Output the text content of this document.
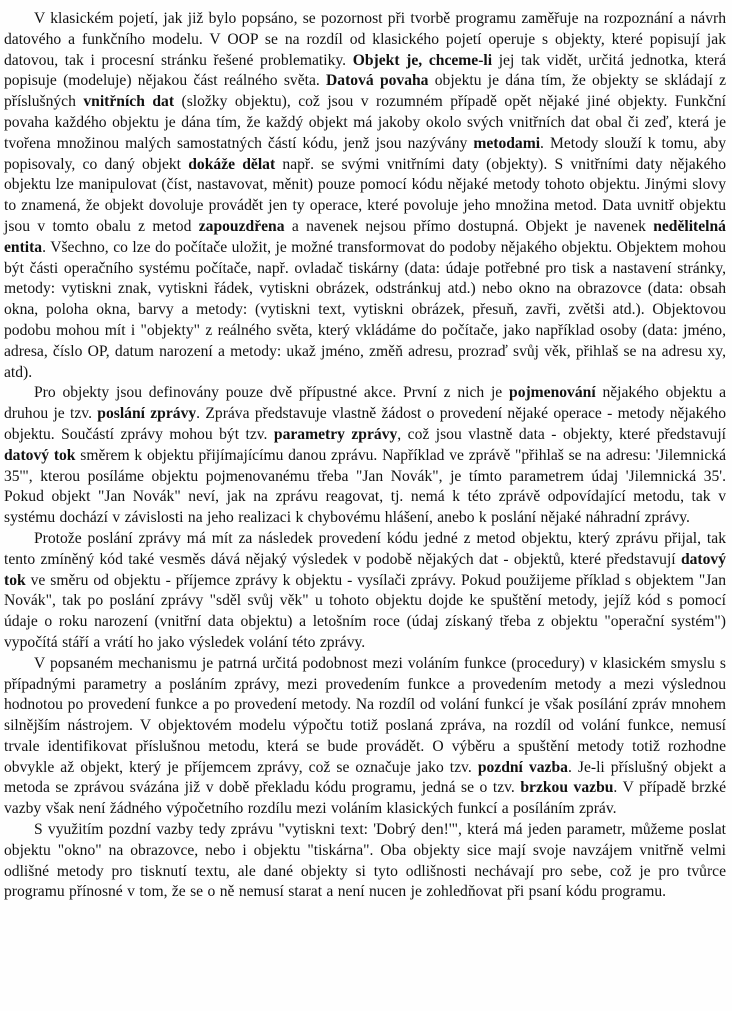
V klasickém pojetí, jak již bylo popsáno, se pozornost při tvorbě programu zaměřuje na rozpoznání a návrh datového a funkčního modelu. V OOP se na rozdíl od klasického pojetí operuje s objekty, které popisují jak datovou, tak i procesní stránku řešené problematiky. Objekt je, chceme-li jej tak vidět, určitá jednotka, která popisuje (modeluje) nějakou část reálného světa. Datová povaha objektu je dána tím, že objekty se skládají z příslušných vnitřních dat (složky objektu), což jsou v rozumném případě opět nějaké jiné objekty. Funkční povaha každého objektu je dána tím, že každý objekt má jakoby okolo svých vnitřních dat obal či zeď, která je tvořena množinou malých samostatných částí kódu, jenž jsou nazývány metodami. Metody slouží k tomu, aby popisovaly, co daný objekt dokáže dělat např. se svými vnitřními daty (objekty). S vnitřními daty nějakého objektu lze manipulovat (číst, nastavovat, měnit) pouze pomocí kódu nějaké metody tohoto objektu. Jinými slovy to znamená, že objekt dovoluje provádět jen ty operace, které povoluje jeho množina metod. Data uvnitř objektu jsou v tomto obalu z metod zapouzdřena a navenek nejsou přímo dostupná. Objekt je navenek nedělitelná entita. Všechno, co lze do počítače uložit, je možné transformovat do podoby nějakého objektu. Objektem mohou být části operačního systému počítače, např. ovladač tiskárny (data: údaje potřebné pro tisk a nastavení stránky, metody: vytiskni znak, vytiskni řádek, vytiskni obrázek, odstránkuj atd.) nebo okno na obrazovce (data: obsah okna, poloha okna, barvy a metody: (vytiskni text, vytiskni obrázek, přesuň, zavři, zvětši atd.). Objektovou podobu mohou mít i "objekty" z reálného světa, který vkládáme do počítače, jako například osoby (data: jméno, adresa, číslo OP, datum narození a metody: ukaž jméno, změň adresu, prozraď svůj věk, přihlaš se na adresu xy, atd).

Pro objekty jsou definovány pouze dvě přípustné akce. První z nich je pojmenování nějakého objektu a druhou je tzv. poslání zprávy. Zpráva představuje vlastně žádost o provedení nějaké operace - metody nějakého objektu. Součástí zprávy mohou být tzv. parametry zprávy, což jsou vlastně data - objekty, které představují datový tok směrem k objektu přijímajícímu danou zprávu. Například ve zprávě "přihlaš se na adresu: 'Jilemnická 35'", kterou posíláme objektu pojmenovanému třeba "Jan Novák", je tímto parametrem údaj 'Jilemnická 35'. Pokud objekt "Jan Novák" neví, jak na zprávu reagovat, tj. nemá k této zprávě odpovídající metodu, tak v systému dochází v závislosti na jeho realizaci k chybovému hlášení, anebo k poslání nějaké náhradní zprávy.

Protože poslání zprávy má mít za následek provedení kódu jedné z metod objektu, který zprávu přijal, tak tento zmíněný kód také vesměs dává nějaký výsledek v podobě nějakých dat - objektů, které představují datový tok ve směru od objektu - příjemce zprávy k objektu - vysílači zprávy. Pokud použijeme příklad s objektem "Jan Novák", tak po poslání zprávy "sděl svůj věk" u tohoto objektu dojde ke spuštění metody, jejíž kód s pomocí údaje o roku narození (vnitřní data objektu) a letošním roce (údaj získaný třeba z objektu "operační systém") vypočítá stáří a vrátí ho jako výsledek volání této zprávy.

V popsaném mechanismu je patrná určitá podobnost mezi voláním funkce (procedury) v klasickém smyslu s případnými parametry a posláním zprávy, mezi provedením funkce a provedením metody a mezi výslednou hodnotou po provedení funkce a po provedení metody. Na rozdíl od volání funkcí je však posílání zpráv mnohem silnějším nástrojem. V objektovém modelu výpočtu totiž poslaná zpráva, na rozdíl od volání funkce, nemusí trvale identifikovat příslušnou metodu, která se bude provádět. O výběru a spuštění metody totiž rozhodne obvykle až objekt, který je příjemcem zprávy, což se označuje jako tzv. pozdní vazba. Je-li příslušný objekt a metoda se zprávou svázána již v době překladu kódu programu, jedná se o tzv. brzkou vazbu. V případě brzké vazby však není žádného výpočetního rozdílu mezi voláním klasických funkcí a posíláním zpráv.

S využitím pozdní vazby tedy zprávu "vytiskni text: 'Dobrý den!'", která má jeden parametr, můžeme poslat objektu "okno" na obrazovce, nebo i objektu "tiskárna". Oba objekty sice mají svoje navzájem vnitřně velmi odlišné metody pro tisknutí textu, ale dané objekty si tyto odlišnosti nechávají pro sebe, což je pro tvůrce programu přínosné v tom, že se o ně nemusí starat a není nucen je zohledňovat při psaní kódu programu.
